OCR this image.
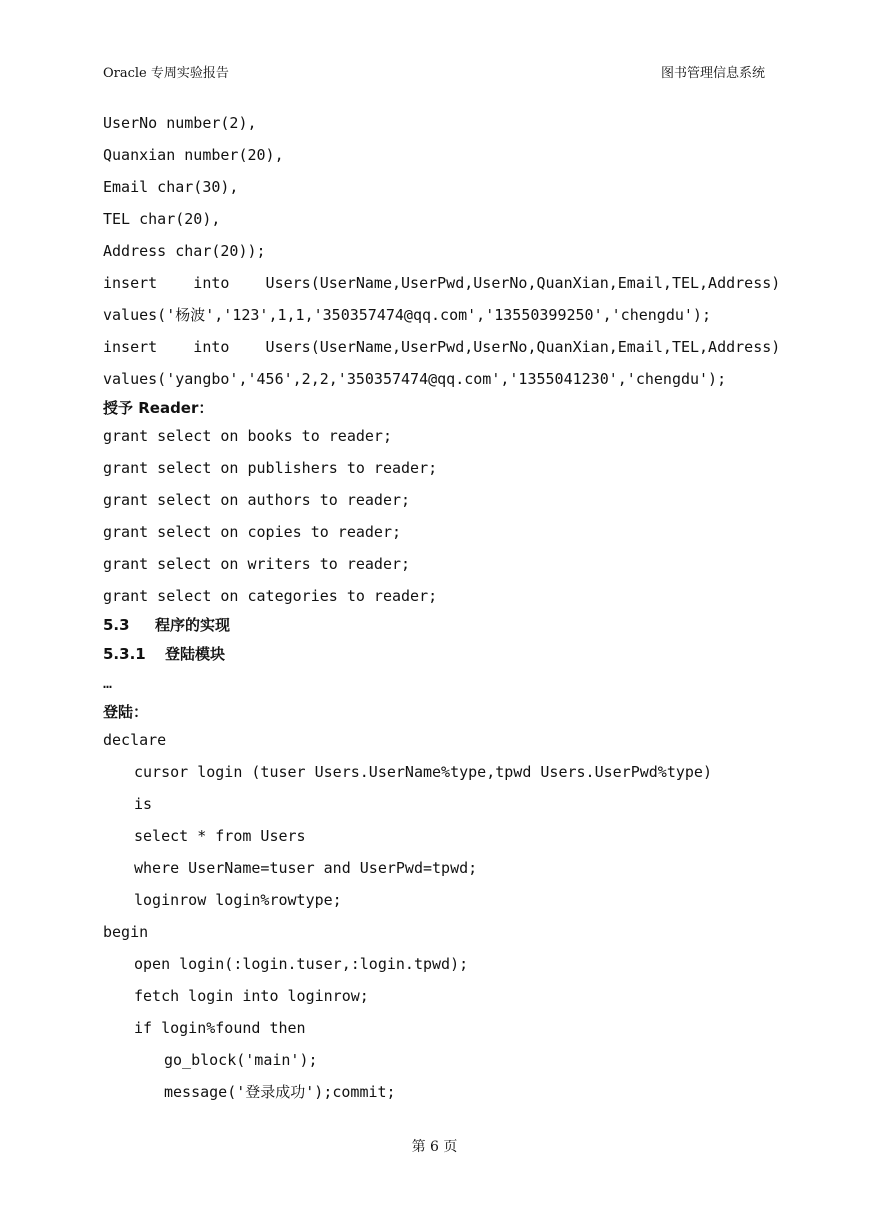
Oracle 专周实验报告	图书管理信息系统
UserNo number(2),
Quanxian number(20),
Email char(30),
TEL char(20),
Address char(20));
insert    into    Users(UserName,UserPwd,UserNo,QuanXian,Email,TEL,Address)
values('杨波','123',1,1,'350357474@qq.com','13550399250','chengdu');
insert    into    Users(UserName,UserPwd,UserNo,QuanXian,Email,TEL,Address)
values('yangbo','456',2,2,'350357474@qq.com','1355041230','chengdu');
授予 Reader：
grant select on books to reader;
grant select on publishers to reader;
grant select on authors to reader;
grant select on copies to reader;
grant select on writers to reader;
grant select on categories to reader;
5.3 程序的实现
5.3.1 登陆模块
…
登陆：
declare
cursor login (tuser Users.UserName%type,tpwd Users.UserPwd%type)
is
select * from Users
where UserName=tuser and UserPwd=tpwd;
loginrow login%rowtype;
begin
open login(:login.tuser,:login.tpwd);
fetch login into loginrow;
if login%found then
go_block('main');
message('登录成功');commit;
第 6 页
